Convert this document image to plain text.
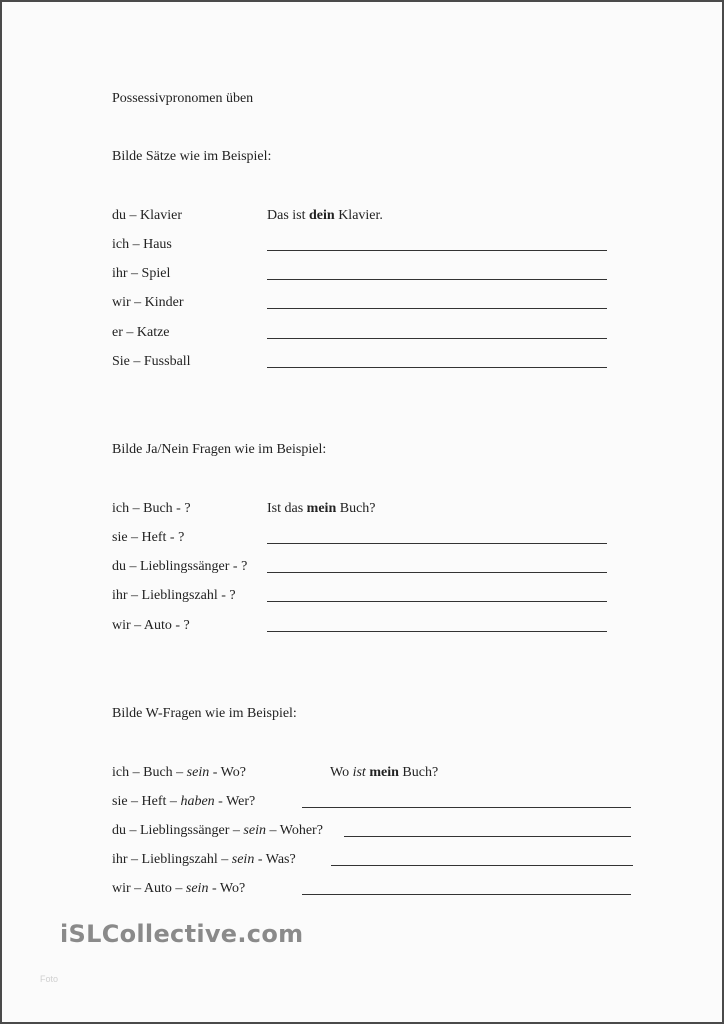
Possessivpronomen üben
Bilde Sätze wie im Beispiel:
du – Klavier	Das ist dein Klavier.
ich – Haus
ihr – Spiel
wir – Kinder
er – Katze
Sie – Fussball
Bilde Ja/Nein Fragen wie im Beispiel:
ich – Buch - ?	Ist das mein Buch?
sie – Heft - ?
du – Lieblingssänger - ?
ihr – Lieblingszahl - ?
wir – Auto - ?
Bilde W-Fragen wie im Beispiel:
ich – Buch – sein - Wo?	Wo ist mein Buch?
sie – Heft – haben - Wer?
du – Lieblingssänger – sein – Woher?
ihr – Lieblingszahl – sein - Was?
wir – Auto – sein - Wo?
iSLCollective.com
Foto
